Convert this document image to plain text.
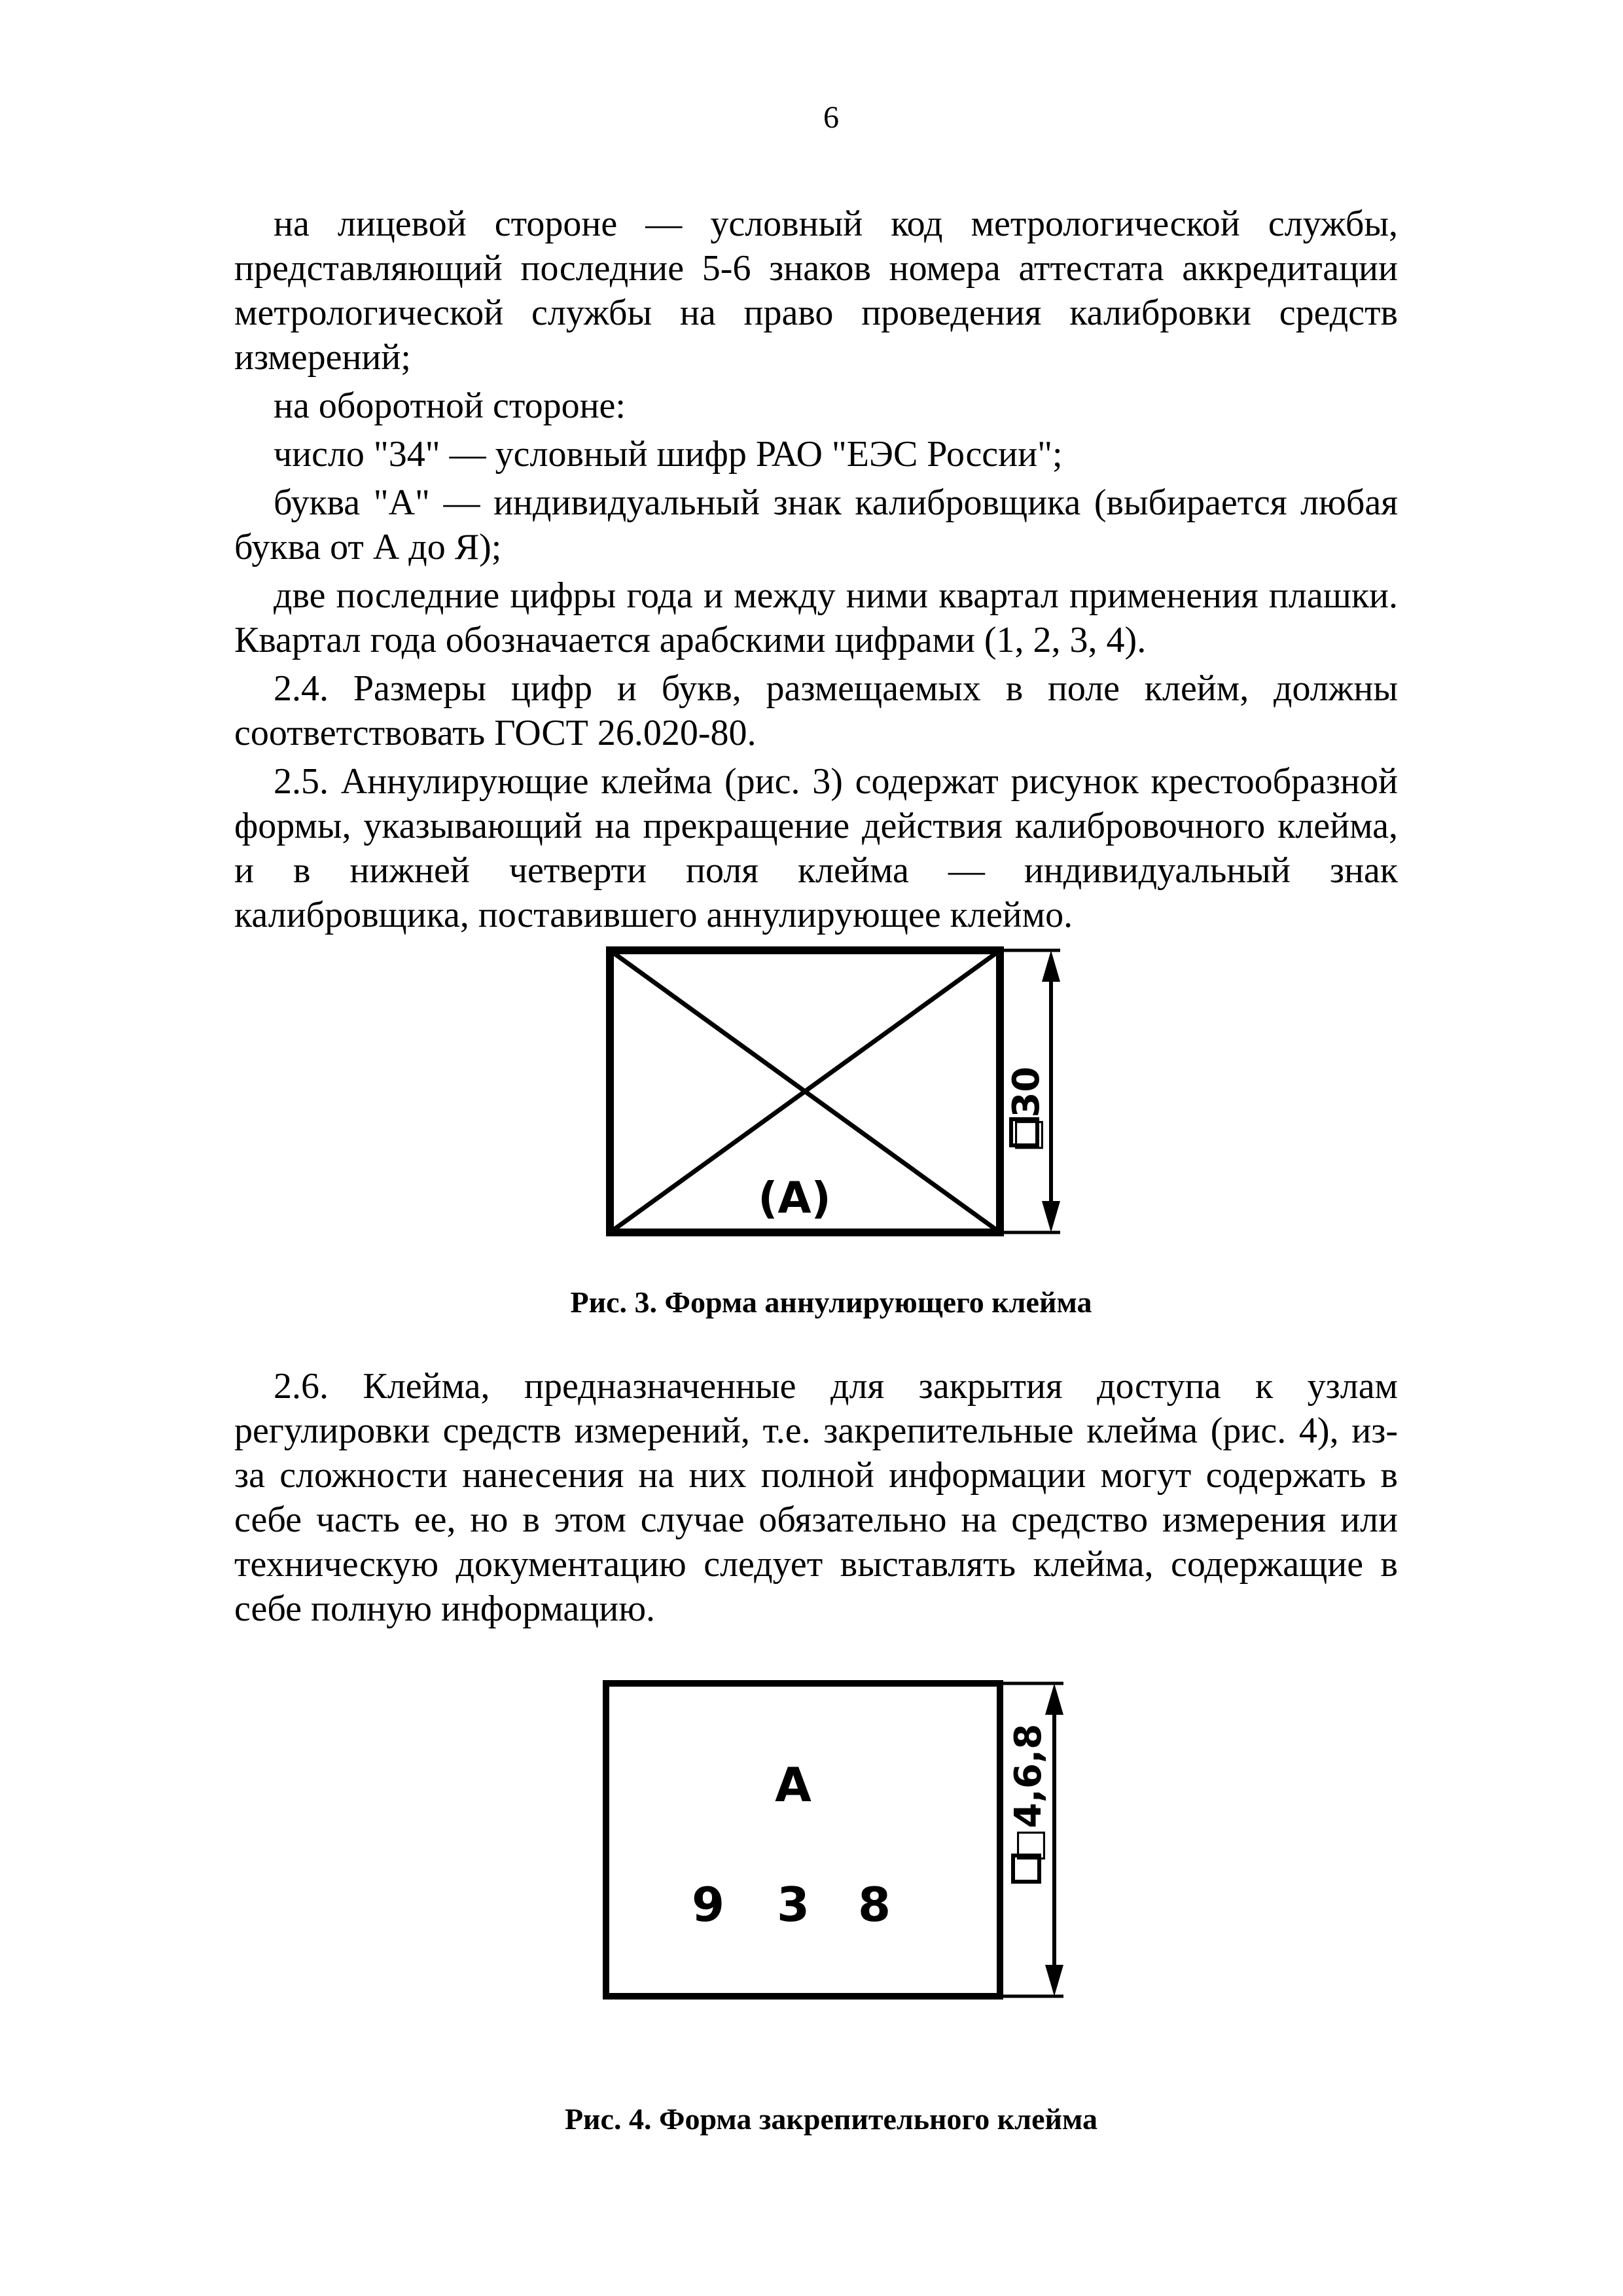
6

на лицевой стороне — условный код метрологической службы, представляющий последние 5-6 знаков номера аттестата аккредитации метрологической службы на право проведения калибровки средств измерений;

на оборотной стороне:

число "34" — условный шифр РАО "ЕЭС России";

буква "А" — индивидуальный знак калибровщика (выбирается любая буква от А до Я);

две последние цифры года и между ними квартал применения плашки. Квартал года обозначается арабскими цифрами (1, 2, 3, 4).

2.4. Размеры цифр и букв, размещаемых в поле клейм, должны соответствовать ГОСТ 26.020-80.

2.5. Аннулирующие клейма (рис. 3) содержат рисунок крестообразной формы, указывающий на прекращение действия калибровочного клейма, и в нижней четверти поля клейма — индивидуальный знак калибровщика, поставившего аннулирующее клеймо.

□30
(А)
Рис. 3. Форма аннулирующего клейма

2.6. Клейма, предназначенные для закрытия доступа к узлам регулировки средств измерений, т.е. закрепительные клейма (рис. 4), из-за сложности нанесения на них полной информации могут содержать в себе часть ее, но в этом случае обязательно на средство измерения или техническую документацию следует выставлять клейма, содержащие в себе полную информацию.

□4,6,8
А
9 3 8
Рис. 4. Форма закрепительного клейма
